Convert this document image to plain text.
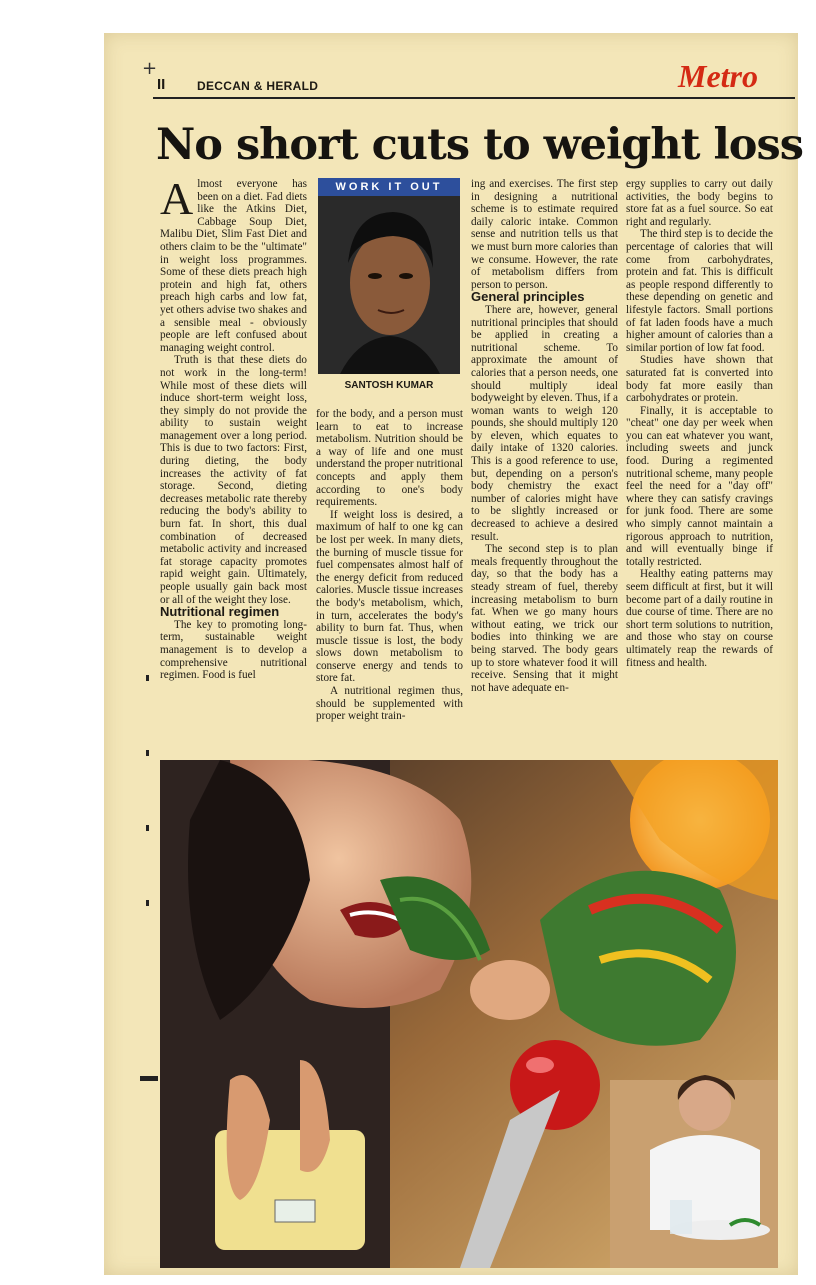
+
II	DECCAN & HERALD	Metro
No short cuts to weight loss

Almost everyone has been on a diet. Fad diets like the Atkins Diet, Cabbage Soup Diet, Malibu Diet, Slim Fast Diet and others claim to be the "ultimate" in weight loss programmes. Some of these diets preach high protein and high fat, others preach high carbs and low fat, yet others advise two shakes and a sensible meal - obviously people are left confused about managing weight control.

Truth is that these diets do not work in the long-term! While most of these diets will induce short-term weight loss, they simply do not provide the ability to sustain weight management over a long period. This is due to two factors: First, during dieting, the body increases the activity of fat storage. Second, dieting decreases metabolic rate thereby reducing the body's ability to burn fat. In short, this dual combination of decreased metabolic activity and increased fat storage capacity promotes rapid weight gain. Ultimately, people usually gain back most or all of the weight they lose.

Nutritional regimen

The key to promoting long-term, sustainable weight management is to develop a comprehensive nutritional regimen. Food is fuel

WORK IT OUT
SANTOSH KUMAR

for the body, and a person must learn to eat to increase metabolism. Nutrition should be a way of life and one must understand the proper nutritional concepts and apply them according to one's body requirements.

If weight loss is desired, a maximum of half to one kg can be lost per week. In many diets, the burning of muscle tissue for fuel compensates almost half of the energy deficit from reduced calories. Muscle tissue increases the body's metabolism, which, in turn, accelerates the body's ability to burn fat. Thus, when muscle tissue is lost, the body slows down metabolism to conserve energy and tends to store fat.

A nutritional regimen thus, should be supplemented with proper weight train-

ing and exercises. The first step in designing a nutritional scheme is to estimate required daily caloric intake. Common sense and nutrition tells us that we must burn more calories than we consume. However, the rate of metabolism differs from person to person.

General principles

There are, however, general nutritional principles that should be applied in creating a nutritional scheme. To approximate the amount of calories that a person needs, one should multiply ideal bodyweight by eleven. Thus, if a woman wants to weigh 120 pounds, she should multiply 120 by eleven, which equates to daily intake of 1320 calories. This is a good reference to use, but, depending on a person's body chemistry the exact number of calories might have to be slightly increased or decreased to achieve a desired result.

The second step is to plan meals frequently throughout the day, so that the body has a steady stream of fuel, thereby increasing metabolism to burn fat. When we go many hours without eating, we trick our bodies into thinking we are being starved. The body gears up to store whatever food it will receive. Sensing that it might not have adequate en-

ergy supplies to carry out daily activities, the body begins to store fat as a fuel source. So eat right and regularly.

The third step is to decide the percentage of calories that will come from carbohydrates, protein and fat. This is difficult as people respond differently to these depending on genetic and lifestyle factors. Small portions of fat laden foods have a much higher amount of calories than a similar portion of low fat food.

Studies have shown that saturated fat is converted into body fat more easily than carbohydrates or protein.

Finally, it is acceptable to "cheat" one day per week when you can eat whatever you want, including sweets and junck food. During a regimented nutritional scheme, many people feel the need for a "day off" where they can satisfy cravings for junk food. There are some who simply cannot maintain a rigorous approach to nutrition, and will eventually binge if totally restricted.

Healthy eating patterns may seem difficult at first, but it will become part of a daily routine in due course of time. There are no short term solutions to nutrition, and those who stay on course ultimately reap the rewards of fitness and health.
